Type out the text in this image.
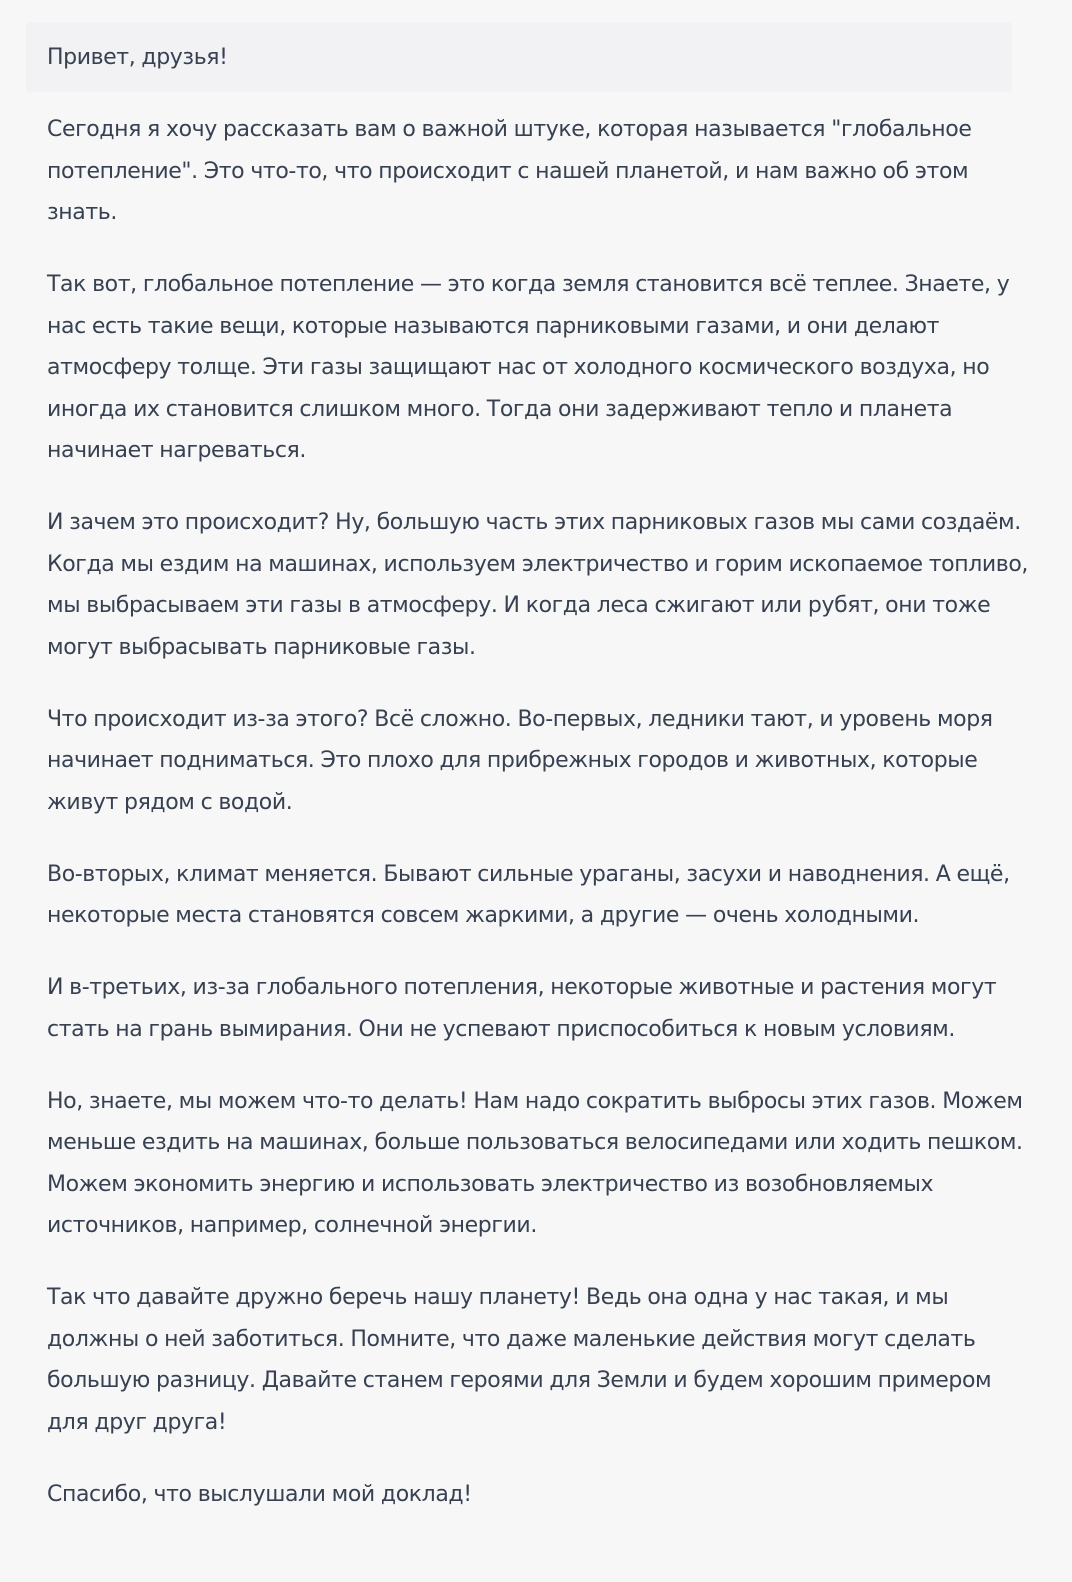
Привет, друзья!

Сегодня я хочу рассказать вам о важной штуке, которая называется "глобальное потепление". Это что-то, что происходит с нашей планетой, и нам важно об этом знать.

Так вот, глобальное потепление — это когда земля становится всё теплее. Знаете, у нас есть такие вещи, которые называются парниковыми газами, и они делают атмосферу толще. Эти газы защищают нас от холодного космического воздуха, но иногда их становится слишком много. Тогда они задерживают тепло и планета начинает нагреваться.

И зачем это происходит? Ну, большую часть этих парниковых газов мы сами создаём. Когда мы ездим на машинах, используем электричество и горим ископаемое топливо, мы выбрасываем эти газы в атмосферу. И когда леса сжигают или рубят, они тоже могут выбрасывать парниковые газы.

Что происходит из-за этого? Всё сложно. Во-первых, ледники тают, и уровень моря начинает подниматься. Это плохо для прибрежных городов и животных, которые живут рядом с водой.

Во-вторых, климат меняется. Бывают сильные ураганы, засухи и наводнения. А ещё, некоторые места становятся совсем жаркими, а другие — очень холодными.

И в-третьих, из-за глобального потепления, некоторые животные и растения могут стать на грань вымирания. Они не успевают приспособиться к новым условиям.

Но, знаете, мы можем что-то делать! Нам надо сократить выбросы этих газов. Можем меньше ездить на машинах, больше пользоваться велосипедами или ходить пешком. Можем экономить энергию и использовать электричество из возобновляемых источников, например, солнечной энергии.

Так что давайте дружно беречь нашу планету! Ведь она одна у нас такая, и мы должны о ней заботиться. Помните, что даже маленькие действия могут сделать большую разницу. Давайте станем героями для Земли и будем хорошим примером для друг друга!

Спасибо, что выслушали мой доклад!
